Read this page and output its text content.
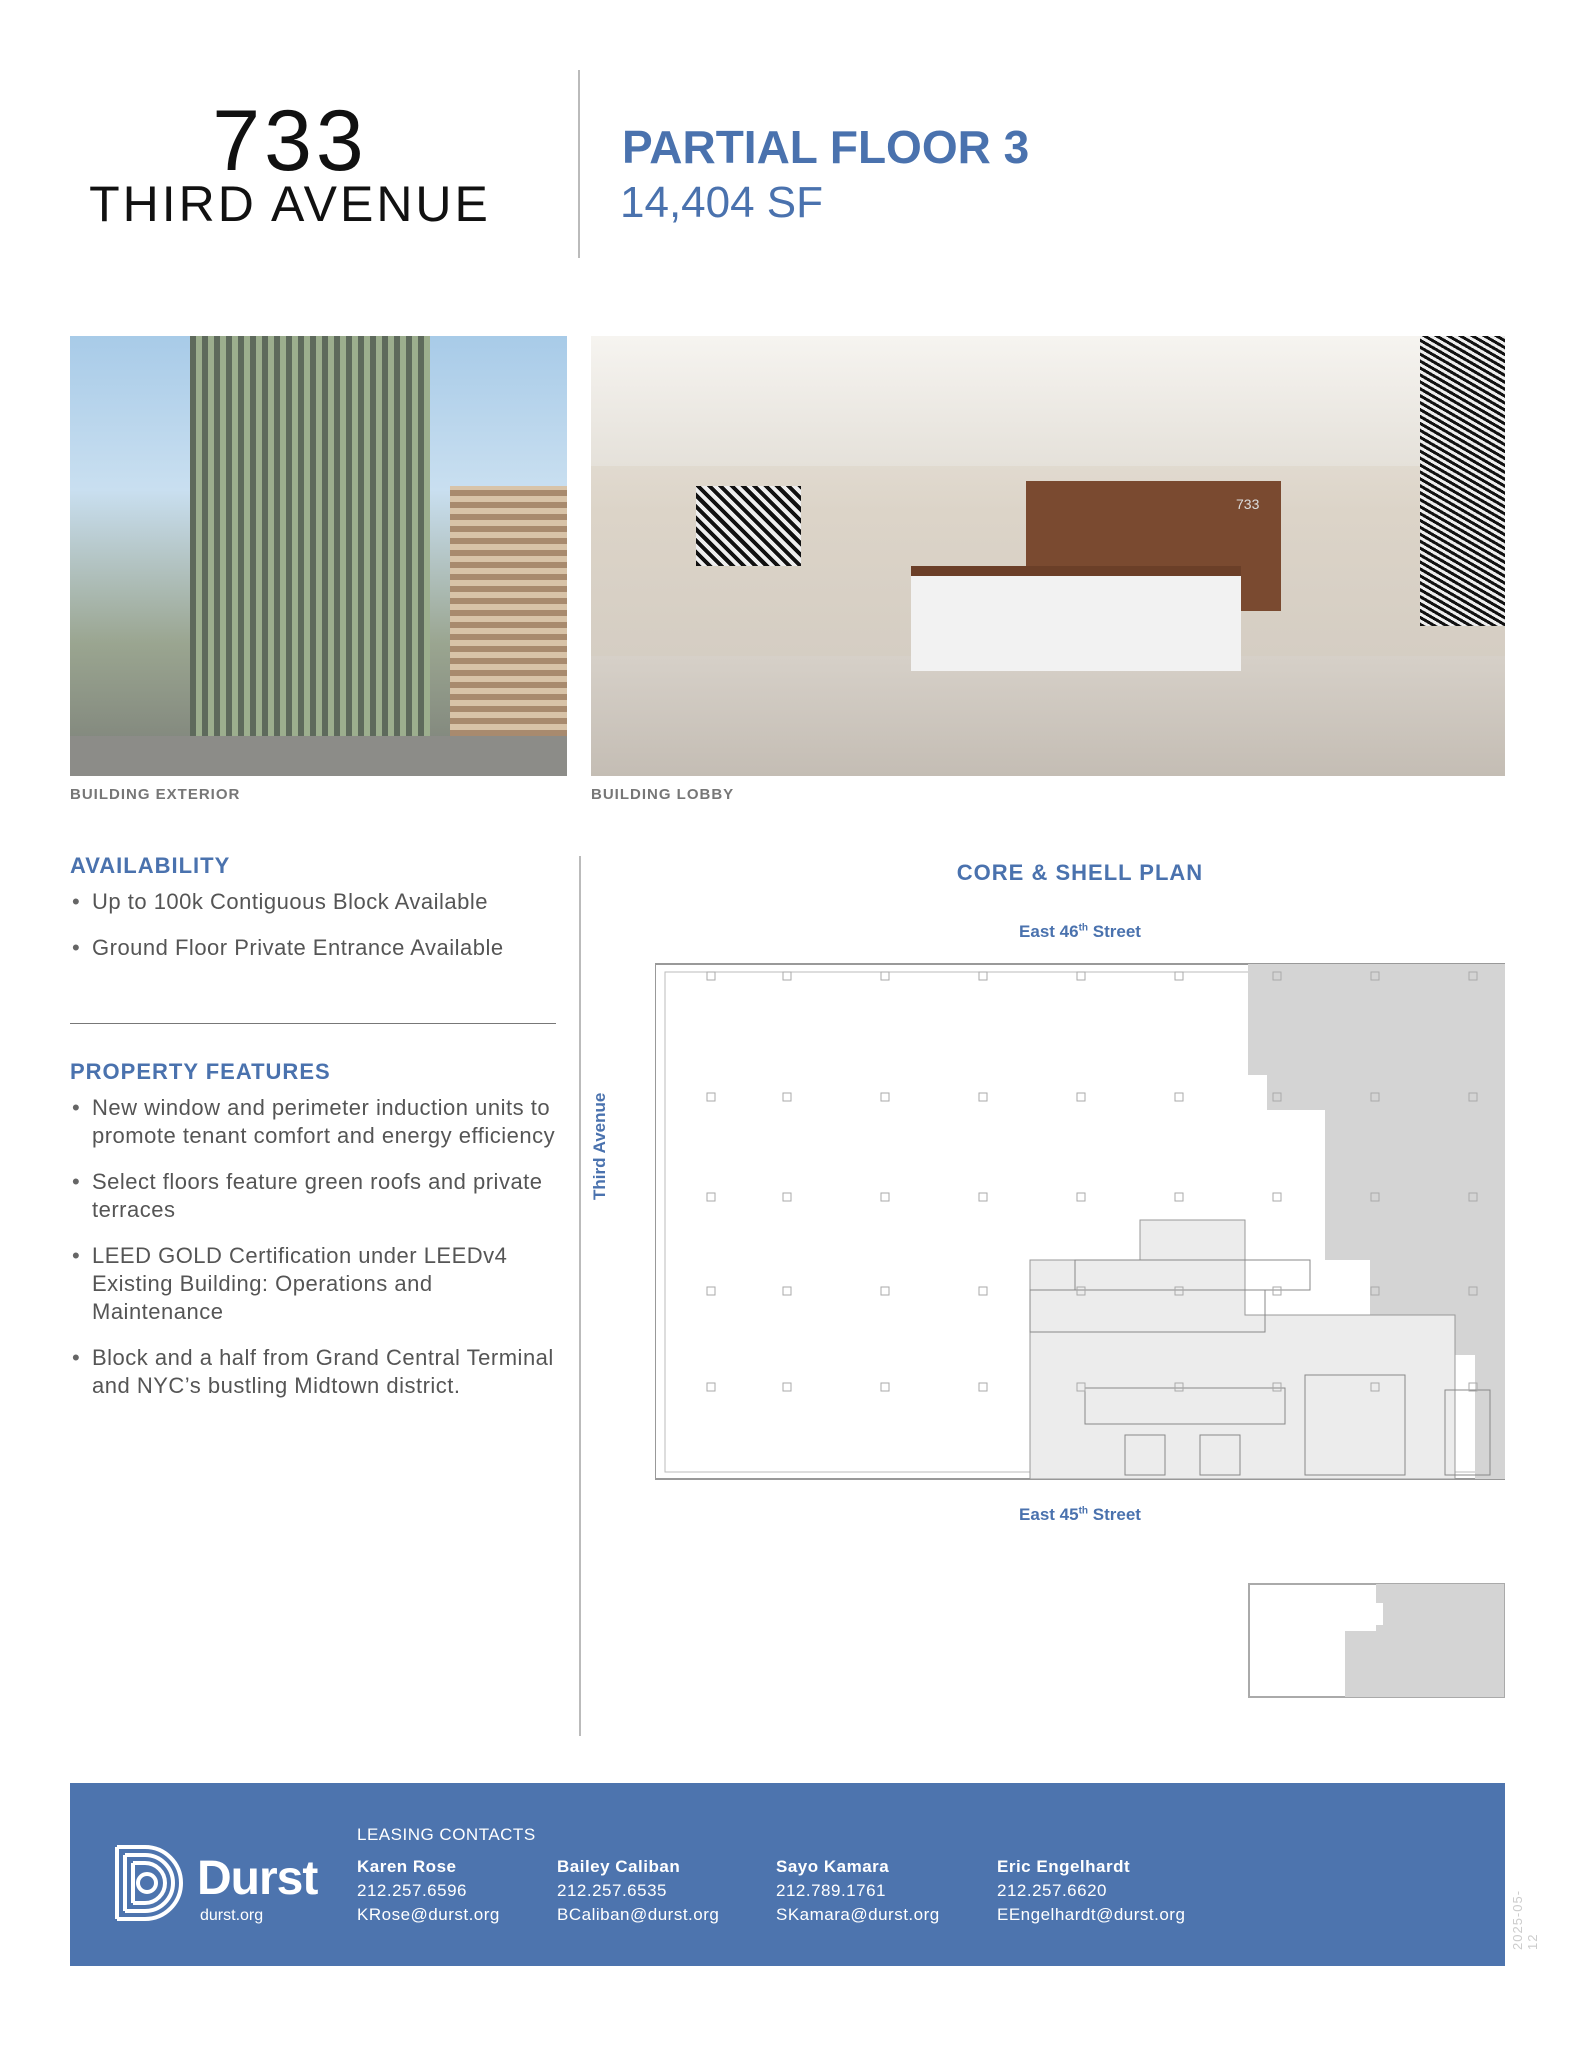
733
THIRD AVENUE
PARTIAL FLOOR 3
14,404 SF
733
BUILDING EXTERIOR	BUILDING LOBBY
AVAILABILITY
• Up to 100k Contiguous Block Available
• Ground Floor Private Entrance Available
PROPERTY FEATURES
• New window and perimeter induction units to promote tenant comfort and energy efficiency
• Select floors feature green roofs and private terraces
• LEED GOLD Certification under LEEDv4 Existing Building: Operations and Maintenance
• Block and a half from Grand Central Terminal and NYC’s bustling Midtown district.
CORE & SHELL PLAN
East 46th Street
East 45th Street
Third Avenue
Durst
durst.org
LEASING CONTACTS
Karen Rose
212.257.6596
KRose@durst.org
Bailey Caliban
212.257.6535
BCaliban@durst.org
Sayo Kamara
212.789.1761
SKamara@durst.org
Eric Engelhardt
212.257.6620
EEngelhardt@durst.org	2025-05-12
